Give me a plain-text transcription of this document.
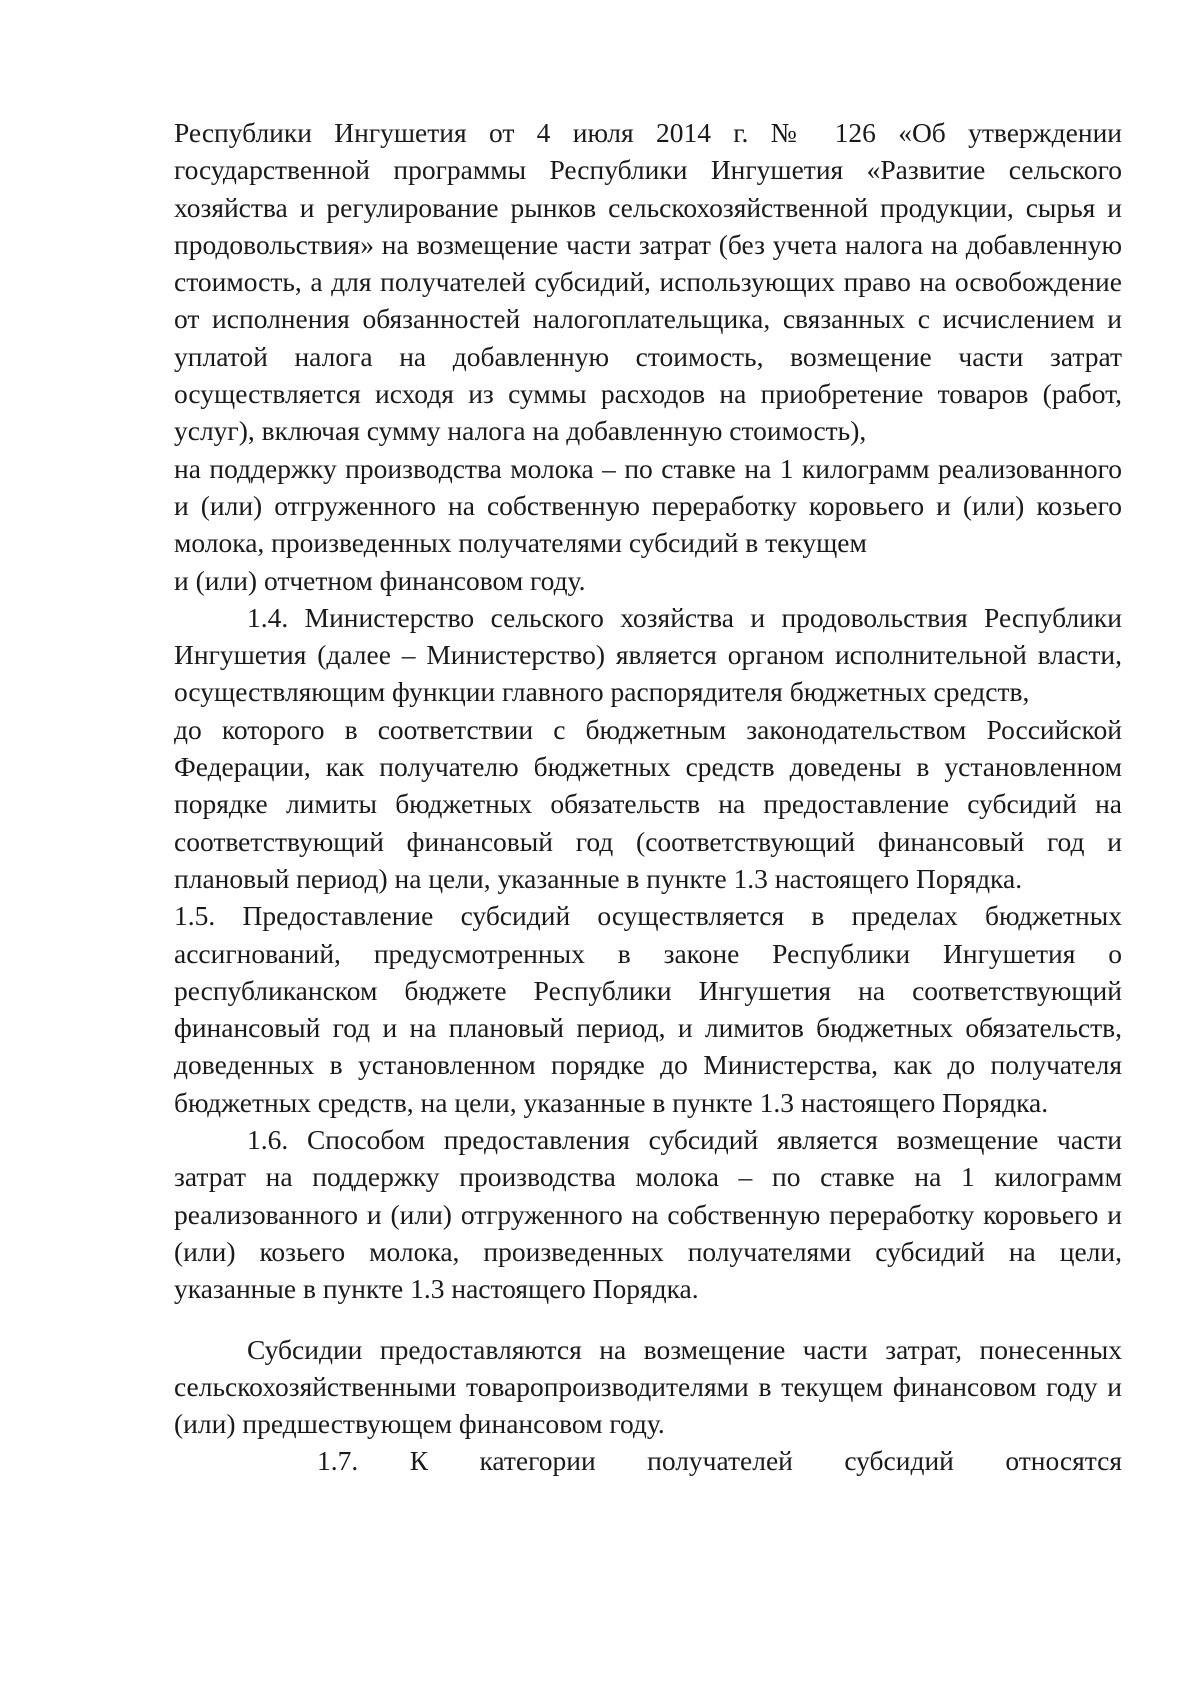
Республики Ингушетия от 4 июля 2014 г. № 126 «Об утверждении государственной программы Республики Ингушетия «Развитие сельского хозяйства и регулирование рынков сельскохозяйственной продукции, сырья и продовольствия» на возмещение части затрат (без учета налога на добавленную стоимость, а для получателей субсидий, использующих право на освобождение от исполнения обязанностей налогоплательщика, связанных с исчислением и уплатой налога на добавленную стоимость, возмещение части затрат осуществляется исходя из суммы расходов на приобретение товаров (работ, услуг), включая сумму налога на добавленную стоимость),

на поддержку производства молока – по ставке на 1 килограмм реализованного и (или) отгруженного на собственную переработку коровьего и (или) козьего молока, произведенных получателями субсидий в текущем

и (или) отчетном финансовом году.

1.4. Министерство сельского хозяйства и продовольствия Республики Ингушетия (далее – Министерство) является органом исполнительной власти, осуществляющим функции главного распорядителя бюджетных средств,

до которого в соответствии с бюджетным законодательством Российской Федерации, как получателю бюджетных средств доведены в установленном порядке лимиты бюджетных обязательств на предоставление субсидий на соответствующий финансовый год (соответствующий финансовый год и плановый период) на цели, указанные в пункте 1.3 настоящего Порядка.

1.5. Предоставление субсидий осуществляется в пределах бюджетных ассигнований, предусмотренных в законе Республики Ингушетия о республиканском бюджете Республики Ингушетия на соответствующий финансовый год и на плановый период, и лимитов бюджетных обязательств, доведенных в установленном порядке до Министерства, как до получателя бюджетных средств, на цели, указанные в пункте 1.3 настоящего Порядка.

1.6. Способом предоставления субсидий является возмещение части затрат на поддержку производства молока – по ставке на 1 килограмм реализованного и (или) отгруженного на собственную переработку коровьего и (или) козьего молока, произведенных получателями субсидий на цели, указанные в пункте 1.3 настоящего Порядка.

Субсидии предоставляются на возмещение части затрат, понесенных сельскохозяйственными товаропроизводителями в текущем финансовом году и (или) предшествующем финансовом году.

1.7. К категории получателей субсидий относятся
